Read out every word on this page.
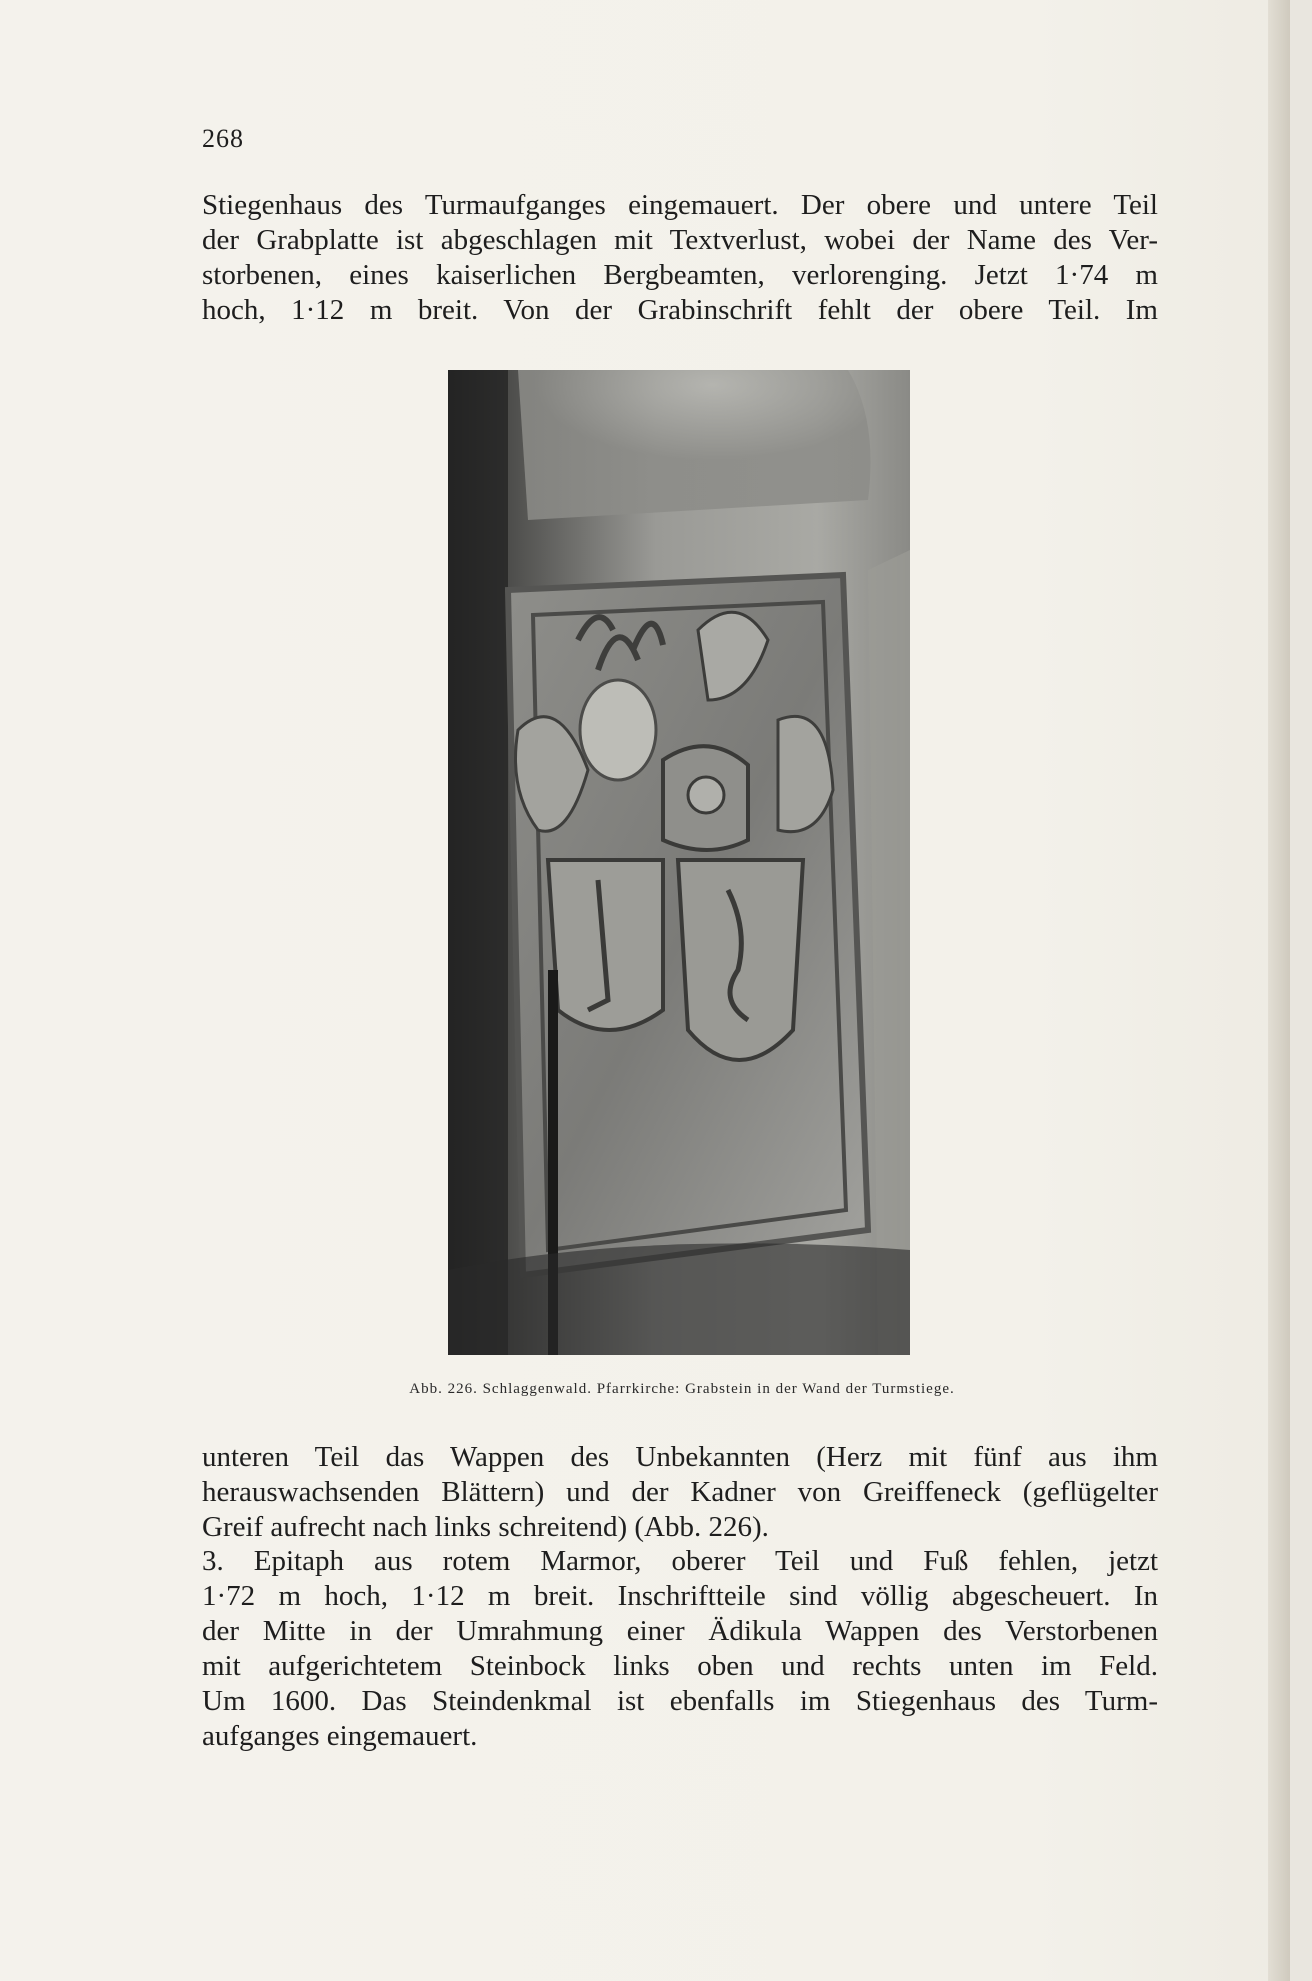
268

Stiegenhaus des Turmaufganges eingemauert. Der obere und untere Teil
der Grabplatte ist abgeschlagen mit Textverlust, wobei der Name des Ver-
storbenen, eines kaiserlichen Bergbeamten, verlorenging. Jetzt 1·74 m
hoch, 1·12 m breit. Von der Grabinschrift fehlt der obere Teil. Im

Abb. 226. Schlaggenwald. Pfarrkirche: Grabstein in der Wand der Turmstiege.

unteren Teil das Wappen des Unbekannten (Herz mit fünf aus ihm
herauswachsenden Blättern) und der Kadner von Greiffeneck (geflügelter
Greif aufrecht nach links schreitend) (Abb. 226).

3. Epitaph aus rotem Marmor, oberer Teil und Fuß fehlen, jetzt
1·72 m hoch, 1·12 m breit. Inschriftteile sind völlig abgescheuert. In
der Mitte in der Umrahmung einer Ädikula Wappen des Verstorbenen
mit aufgerichtetem Steinbock links oben und rechts unten im Feld.
Um 1600. Das Steindenkmal ist ebenfalls im Stiegenhaus des Turm-
aufganges eingemauert.
